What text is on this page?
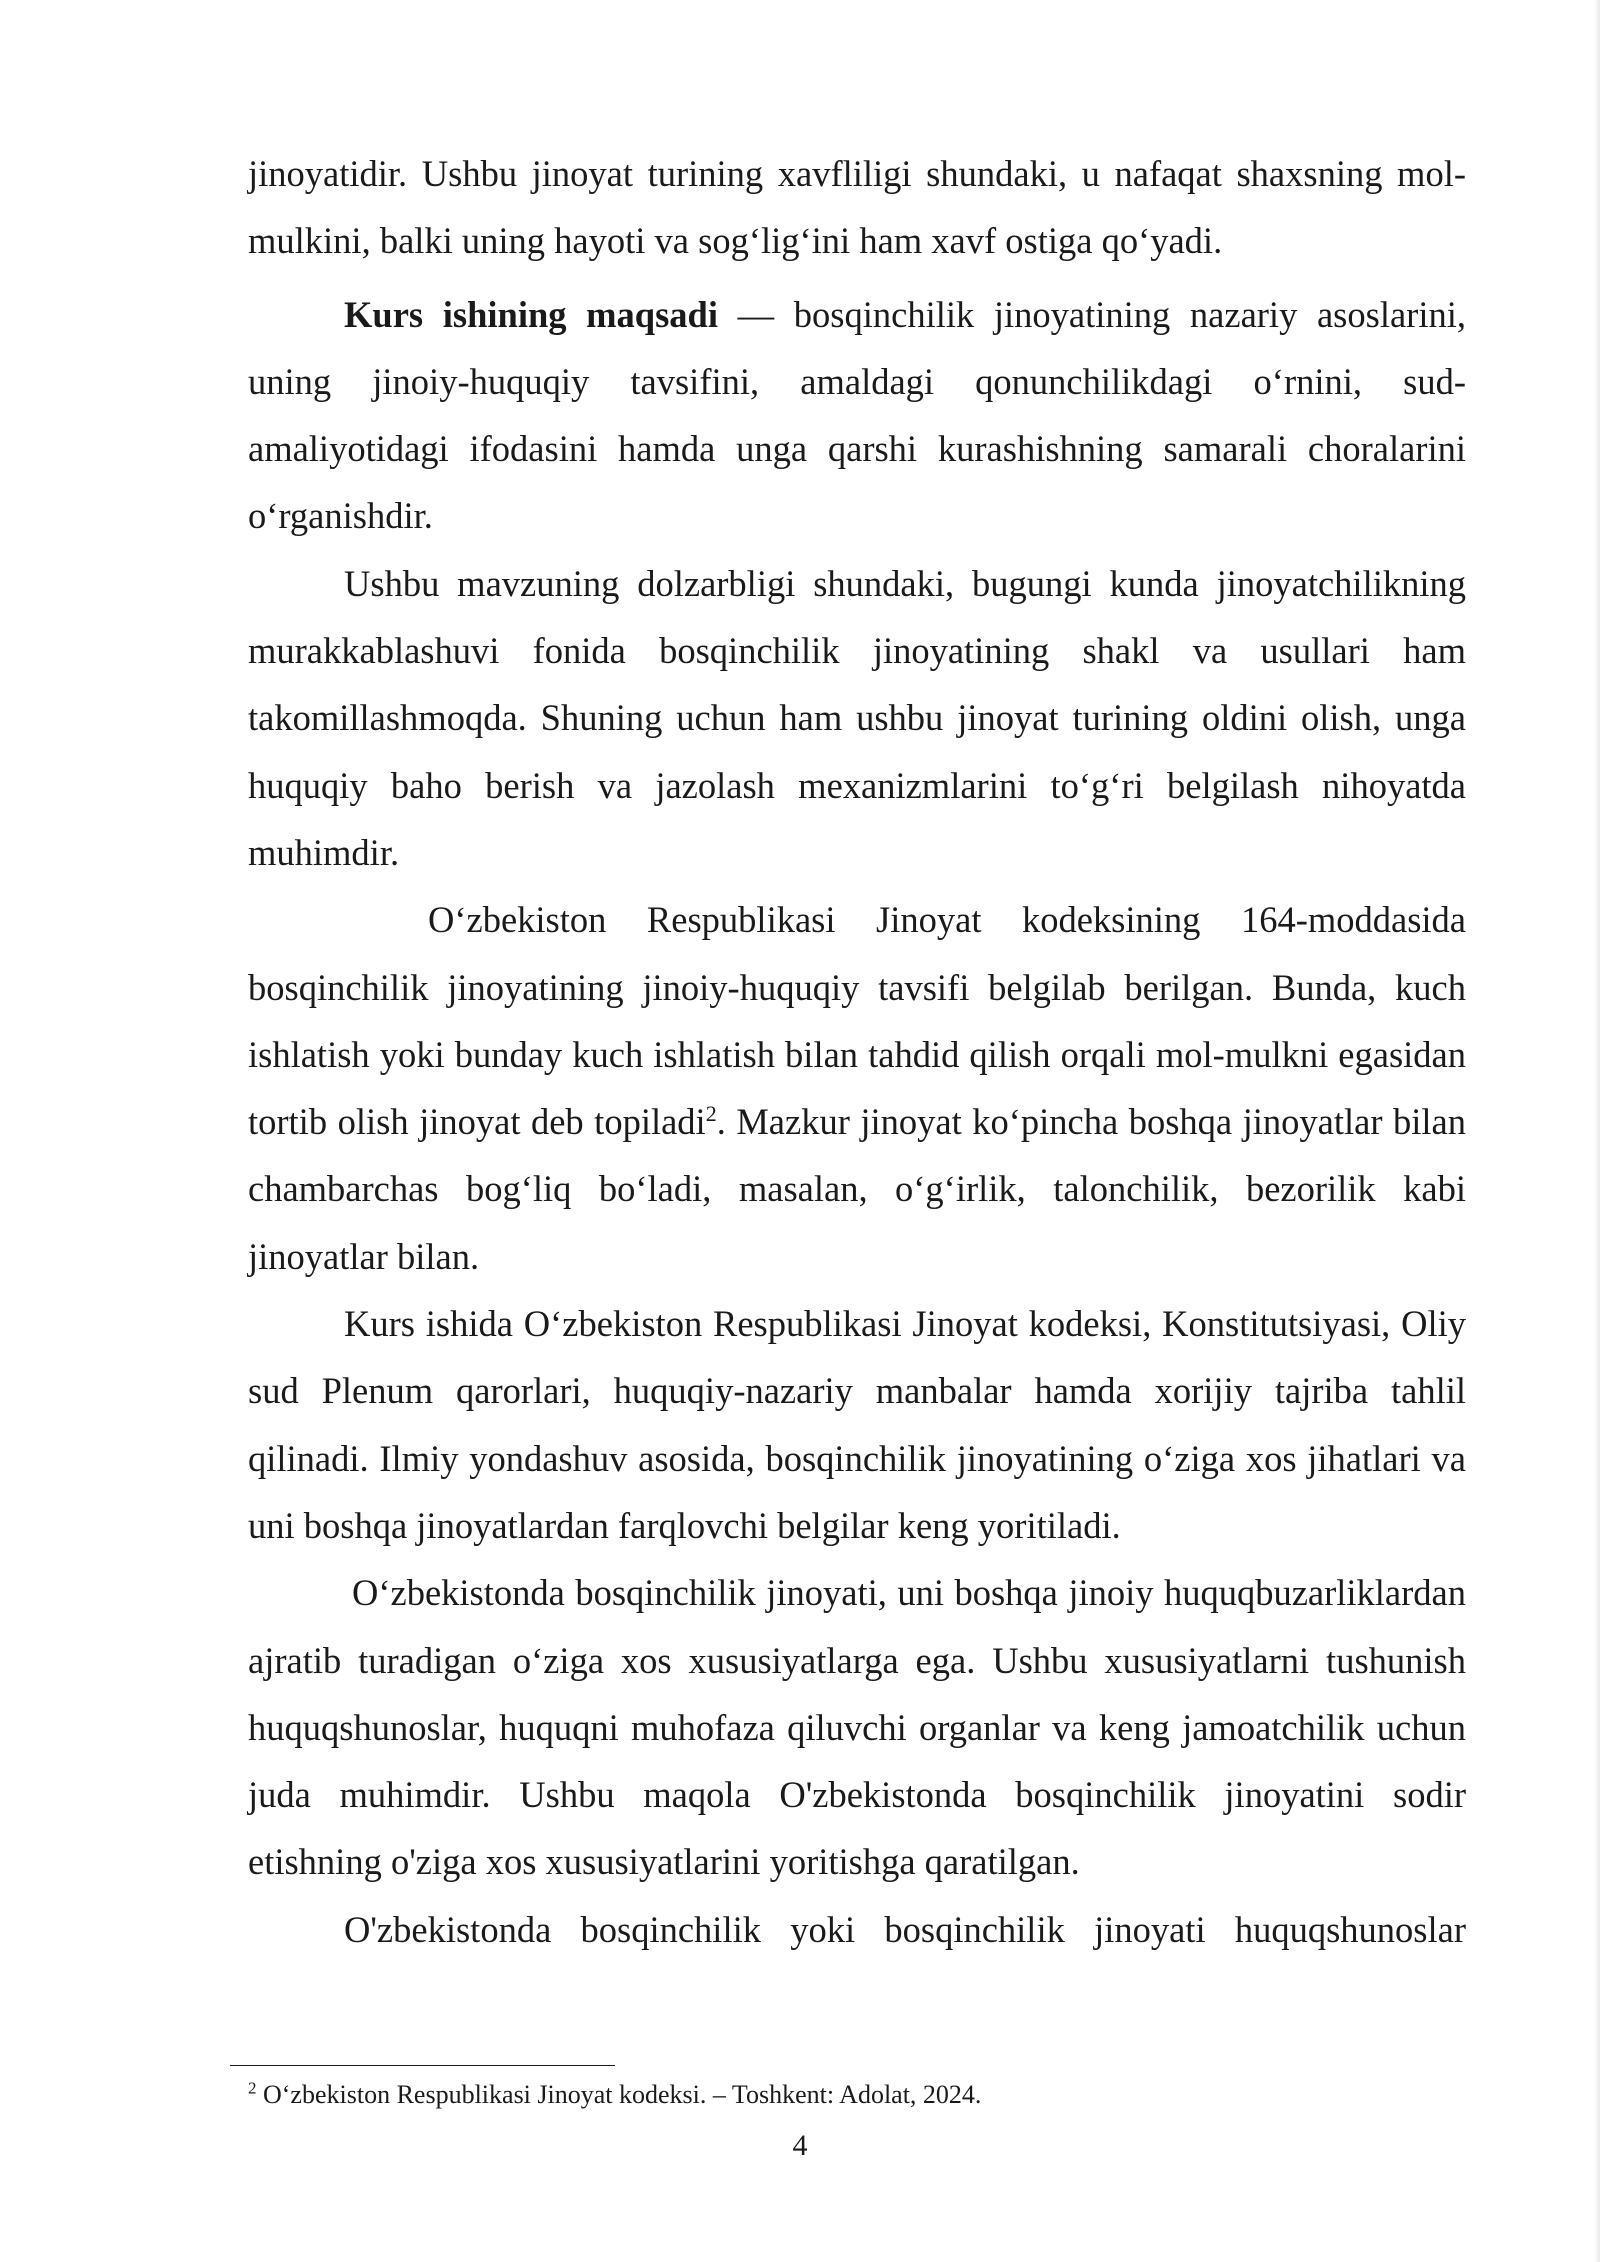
jinoyatidir. Ushbu jinoyat turining xavfliligi shundaki, u nafaqat shaxsning mol-mulkini, balki uning hayoti va sog‘lig‘ini ham xavf ostiga qo‘yadi.

Kurs ishining maqsadi — bosqinchilik jinoyatining nazariy asoslarini, uning jinoiy-huquqiy tavsifini, amaldagi qonunchilikdagi o‘rnini, sud-amaliyotidagi ifodasini hamda unga qarshi kurashishning samarali choralarini o‘rganishdir.

Ushbu mavzuning dolzarbligi shundaki, bugungi kunda jinoyatchilikning murakkablashuvi fonida bosqinchilik jinoyatining shakl va usullari ham takomillashmoqda. Shuning uchun ham ushbu jinoyat turining oldini olish, unga huquqiy baho berish va jazolash mexanizmlarini to‘g‘ri belgilash nihoyatda muhimdir.

O‘zbekiston Respublikasi Jinoyat kodeksining 164-moddasida bosqinchilik jinoyatining jinoiy-huquqiy tavsifi belgilab berilgan. Bunda, kuch ishlatish yoki bunday kuch ishlatish bilan tahdid qilish orqali mol-mulkni egasidan tortib olish jinoyat deb topiladi$^2$. Mazkur jinoyat ko‘pincha boshqa jinoyatlar bilan chambarchas bog‘liq bo‘ladi, masalan, o‘g‘irlik, talonchilik, bezorilik kabi jinoyatlar bilan.

Kurs ishida O‘zbekiston Respublikasi Jinoyat kodeksi, Konstitutsiyasi, Oliy sud Plenum qarorlari, huquqiy-nazariy manbalar hamda xorijiy tajriba tahlil qilinadi. Ilmiy yondashuv asosida, bosqinchilik jinoyatining o‘ziga xos jihatlari va uni boshqa jinoyatlardan farqlovchi belgilar keng yoritiladi.

O‘zbekistonda bosqinchilik jinoyati, uni boshqa jinoiy huquqbuzarliklardan ajratib turadigan o‘ziga xos xususiyatlarga ega. Ushbu xususiyatlarni tushunish huquqshunoslar, huquqni muhofaza qiluvchi organlar va keng jamoatchilik uchun juda muhimdir. Ushbu maqola O'zbekistonda bosqinchilik jinoyatini sodir etishning o'ziga xos xususiyatlarini yoritishga qaratilgan.

O'zbekistonda bosqinchilik yoki bosqinchilik jinoyati huquqshunoslar

$^2$ O‘zbekiston Respublikasi Jinoyat kodeksi. – Toshkent: Adolat, 2024.
4
